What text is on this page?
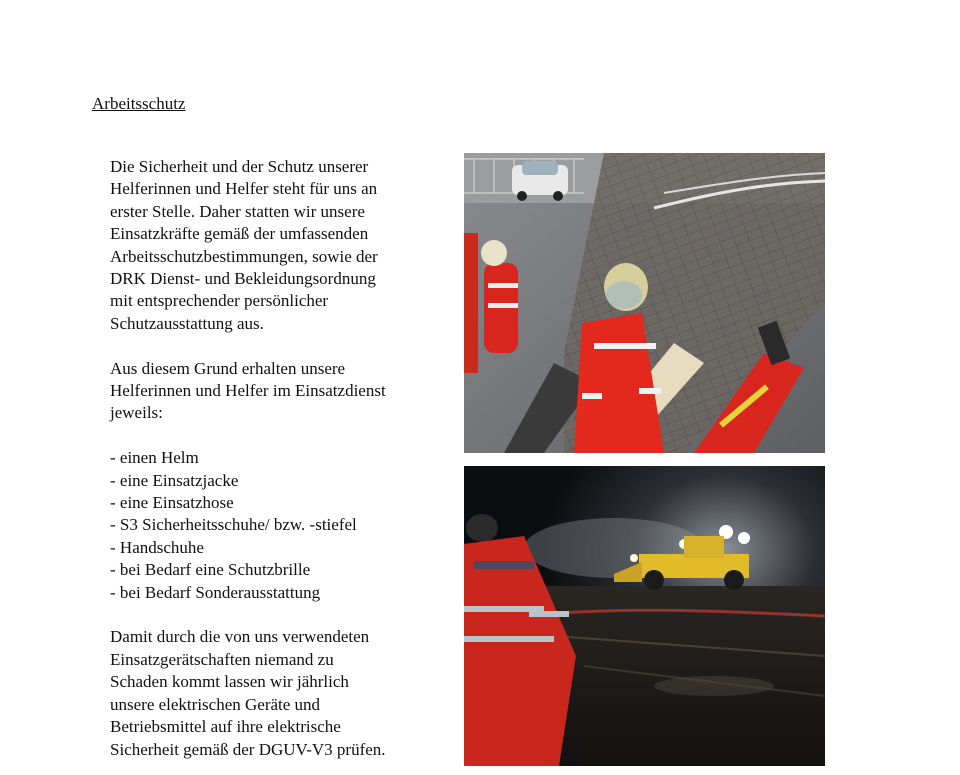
Arbeitsschutz

Die Sicherheit und der Schutz unserer
Helferinnen und Helfer steht für uns an
erster Stelle. Daher statten wir unsere
Einsatzkräfte gemäß der umfassenden
Arbeitsschutzbestimmungen, sowie der
DRK Dienst- und Bekleidungsordnung
mit entsprechender persönlicher
Schutzausstattung aus.

Aus diesem Grund erhalten unsere
Helferinnen und Helfer im Einsatzdienst
jeweils:

- einen Helm
- eine Einsatzjacke
- eine Einsatzhose
- S3 Sicherheitsschuhe/ bzw. -stiefel
- Handschuhe
- bei Bedarf eine Schutzbrille
- bei Bedarf Sonderausstattung

Damit durch die von uns verwendeten
Einsatzgerätschaften niemand zu
Schaden kommt lassen wir jährlich
unsere elektrischen Geräte und
Betriebsmittel auf ihre elektrische
Sicherheit gemäß der DGUV-V3 prüfen.
